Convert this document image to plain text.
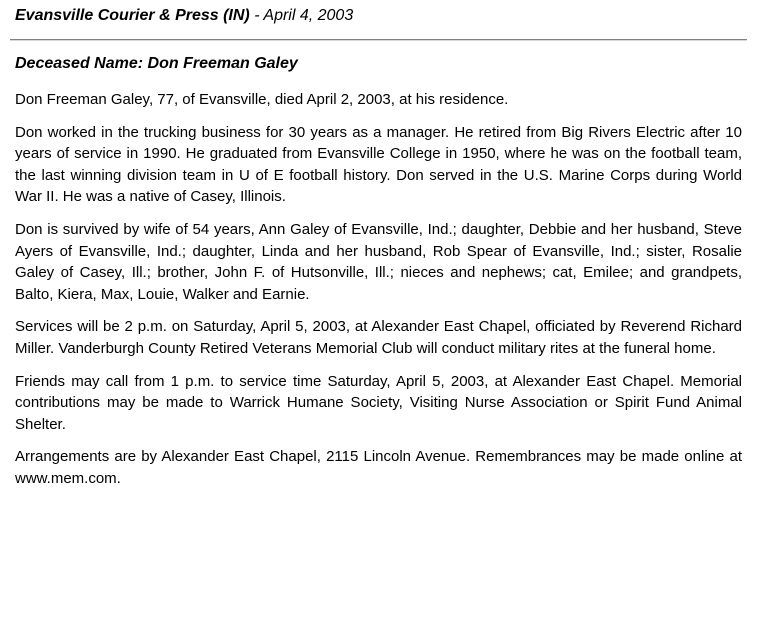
Evansville Courier & Press (IN) - April 4, 2003
Deceased Name: Don Freeman Galey

Don Freeman Galey, 77, of Evansville, died April 2, 2003, at his residence.

Don worked in the trucking business for 30 years as a manager. He retired from Big Rivers Electric after 10 years of service in 1990. He graduated from Evansville College in 1950, where he was on the football team, the last winning division team in U of E football history. Don served in the U.S. Marine Corps during World War II. He was a native of Casey, Illinois.

Don is survived by wife of 54 years, Ann Galey of Evansville, Ind.; daughter, Debbie and her husband, Steve Ayers of Evansville, Ind.; daughter, Linda and her husband, Rob Spear of Evansville, Ind.; sister, Rosalie Galey of Casey, Ill.; brother, John F. of Hutsonville, Ill.; nieces and nephews; cat, Emilee; and grandpets, Balto, Kiera, Max, Louie, Walker and Earnie.

Services will be 2 p.m. on Saturday, April 5, 2003, at Alexander East Chapel, officiated by Reverend Richard Miller. Vanderburgh County Retired Veterans Memorial Club will conduct military rites at the funeral home.

Friends may call from 1 p.m. to service time Saturday, April 5, 2003, at Alexander East Chapel. Memorial contributions may be made to Warrick Humane Society, Visiting Nurse Association or Spirit Fund Animal Shelter.

Arrangements are by Alexander East Chapel, 2115 Lincoln Avenue. Remembrances may be made online at www.mem.com.
